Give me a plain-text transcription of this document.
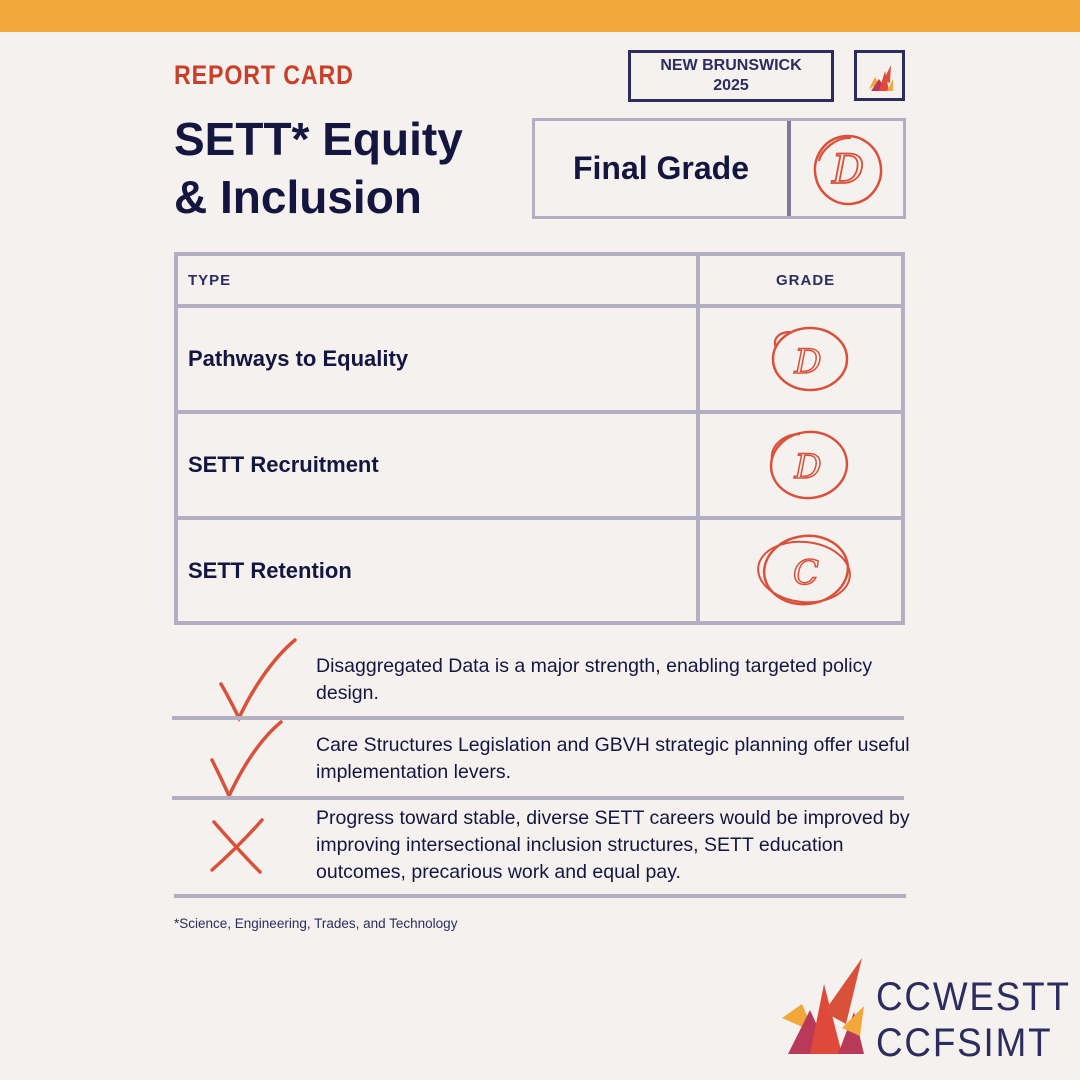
REPORT CARD
SETT* Equity
& Inclusion
NEW BRUNSWICK
2025
Final Grade	D
TYPE	GRADE
Pathways to Equality	D
SETT Recruitment	D
SETT Retention	C
Disaggregated Data is a major strength, enabling targeted policy design.
Care Structures Legislation and GBVH strategic planning offer useful implementation levers.
Progress toward stable, diverse SETT careers would be improved by improving intersectional inclusion structures, SETT education outcomes, precarious work and equal pay.
*Science, Engineering, Trades, and Technology
CCWESTT
CCFSIMT
